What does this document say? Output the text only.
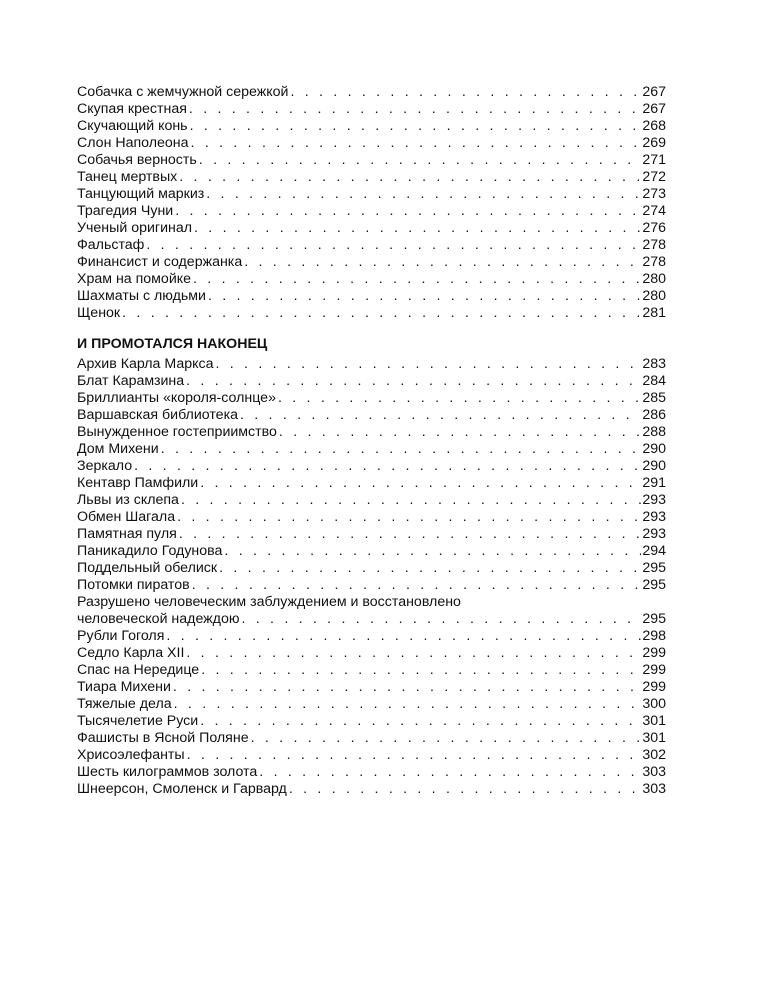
Собачка с жемчужной сережкой . . .	267
Скупая крестная . . .	267
Скучающий конь . . .	268
Слон Наполеона . . .	269
Собачья верность . . .	271
Танец мертвых . . .	272
Танцующий маркиз . . .	273
Трагедия Чуни . . .	274
Ученый оригинал . . .	276
Фальстаф . . .	278
Финансист и содержанка . . .	278
Храм на помойке . . .	280
Шахматы с людьми . . .	280
Щенок . . .	281
И ПРОМОТАЛСЯ НАКОНЕЦ
Архив Карла Маркса . . .	283
Блат Карамзина . . .	284
Бриллианты «короля-солнце» . . .	285
Варшавская библиотека . . .	286
Вынужденное гостеприимство . . .	288
Дом Михени . . .	290
Зеркало . . .	290
Кентавр Памфили . . .	291
Львы из склепа . . .	293
Обмен Шагала . . .	293
Памятная пуля . . .	293
Паникадило Годунова . . .	294
Поддельный обелиск . . .	295
Потомки пиратов . . .	295
Разрушено человеческим заблуждением и восстановлено
человеческой надеждою . . .	295
Рубли Гоголя . . .	298
Седло Карла XII . . .	299
Спас на Нередице . . .	299
Тиара Михени . . .	299
Тяжелые дела . . .	300
Тысячелетие Руси . . .	301
Фашисты в Ясной Поляне . . .	301
Хрисоэлефанты . . .	302
Шесть килограммов золота . . .	303
Шнеерсон, Смоленск и Гарвард . . .	303
